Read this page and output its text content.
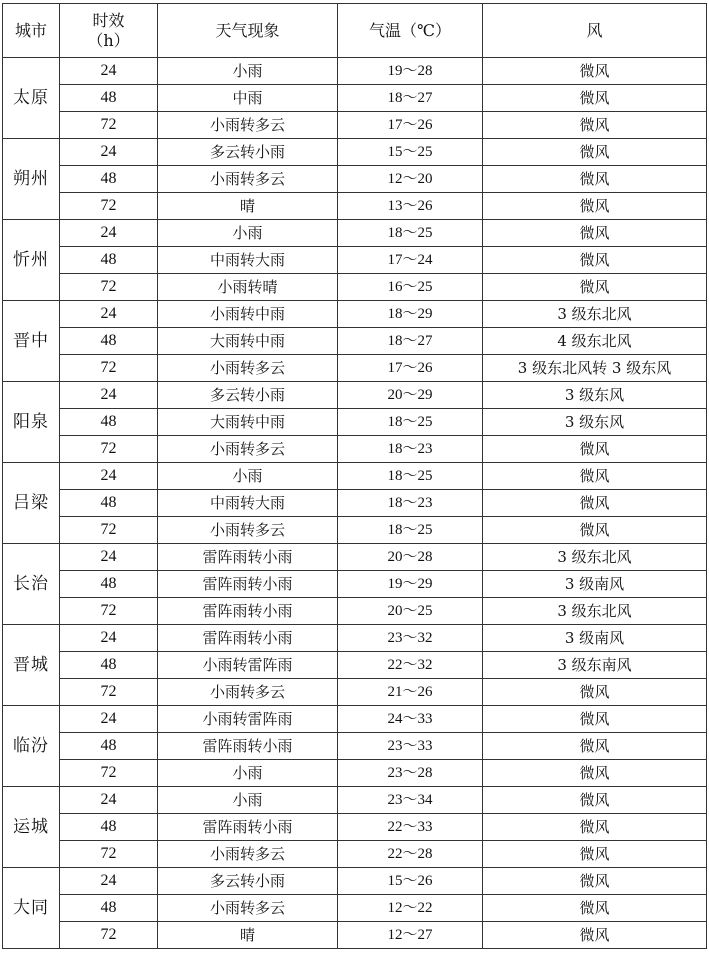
城市	时效（h）	天气现象	气温（℃）	风
太原	24	小雨	19～28	微风
	48	中雨	18～27	微风
	72	小雨转多云	17～26	微风
朔州	24	多云转小雨	15～25	微风
	48	小雨转多云	12～20	微风
	72	晴	13～26	微风
忻州	24	小雨	18～25	微风
	48	中雨转大雨	17～24	微风
	72	小雨转晴	16～25	微风
晋中	24	小雨转中雨	18～29	3 级东北风
	48	大雨转中雨	18～27	4 级东北风
	72	小雨转多云	17～26	3 级东北风转 3 级东风
阳泉	24	多云转小雨	20～29	3 级东风
	48	大雨转中雨	18～25	3 级东风
	72	小雨转多云	18～23	微风
吕梁	24	小雨	18～25	微风
	48	中雨转大雨	18～23	微风
	72	小雨转多云	18～25	微风
长治	24	雷阵雨转小雨	20～28	3 级东北风
	48	雷阵雨转小雨	19～29	3 级南风
	72	雷阵雨转小雨	20～25	3 级东北风
晋城	24	雷阵雨转小雨	23～32	3 级南风
	48	小雨转雷阵雨	22～32	3 级东南风
	72	小雨转多云	21～26	微风
临汾	24	小雨转雷阵雨	24～33	微风
	48	雷阵雨转小雨	23～33	微风
	72	小雨	23～28	微风
运城	24	小雨	23～34	微风
	48	雷阵雨转小雨	22～33	微风
	72	小雨转多云	22～28	微风
大同	24	多云转小雨	15～26	微风
	48	小雨转多云	12～22	微风
	72	晴	12～27	微风
